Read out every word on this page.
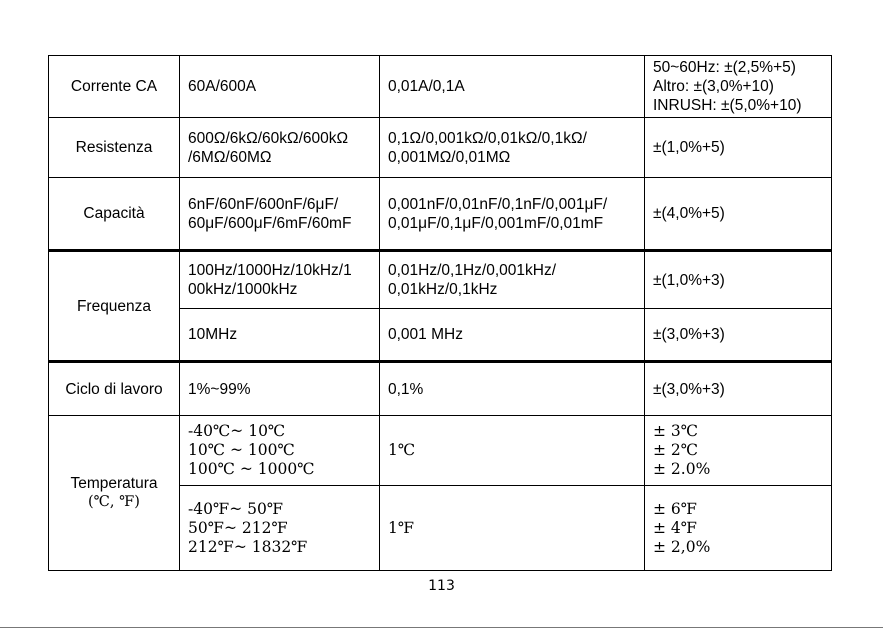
Corrente CA	60A/600A	0,01A/0,1A	50~60Hz: ±(2,5%+5)
Altro: ±(3,0%+10)
INRUSH: ±(5,0%+10)

Resistenza	600Ω/6kΩ/60kΩ/600kΩ
/6MΩ/60MΩ	0,1Ω/0,001kΩ/0,01kΩ/0,1kΩ/
0,001MΩ/0,01MΩ	±(1,0%+5)
Capacità	6nF/60nF/600nF/6μF/
60μF/600μF/6mF/60mF	0,001nF/0,01nF/0,1nF/0,001μF/
0,01μF/0,1μF/0,001mF/0,01mF	±(4,0%+5)
Frequenza	100Hz/1000Hz/10kHz/1
00kHz/1000kHz	0,01Hz/0,1Hz/0,001kHz/
0,01kHz/0,1kHz	±(1,0%+3)
	10MHz	0,001 MHz	±(3,0%+3)
Ciclo di lavoro	1%~99%	0,1%	±(3,0%+3)

Temperatura
(℃, ℉)	-40℃~ 10℃
10℃ ~ 100℃
100℃ ~ 1000℃	1℃	± 3℃
± 2℃
± 2.0%

	-40℉~ 50℉
50℉~ 212℉
212℉~ 1832℉	1℉	± 6℉
± 4℉
± 2,0%
113
